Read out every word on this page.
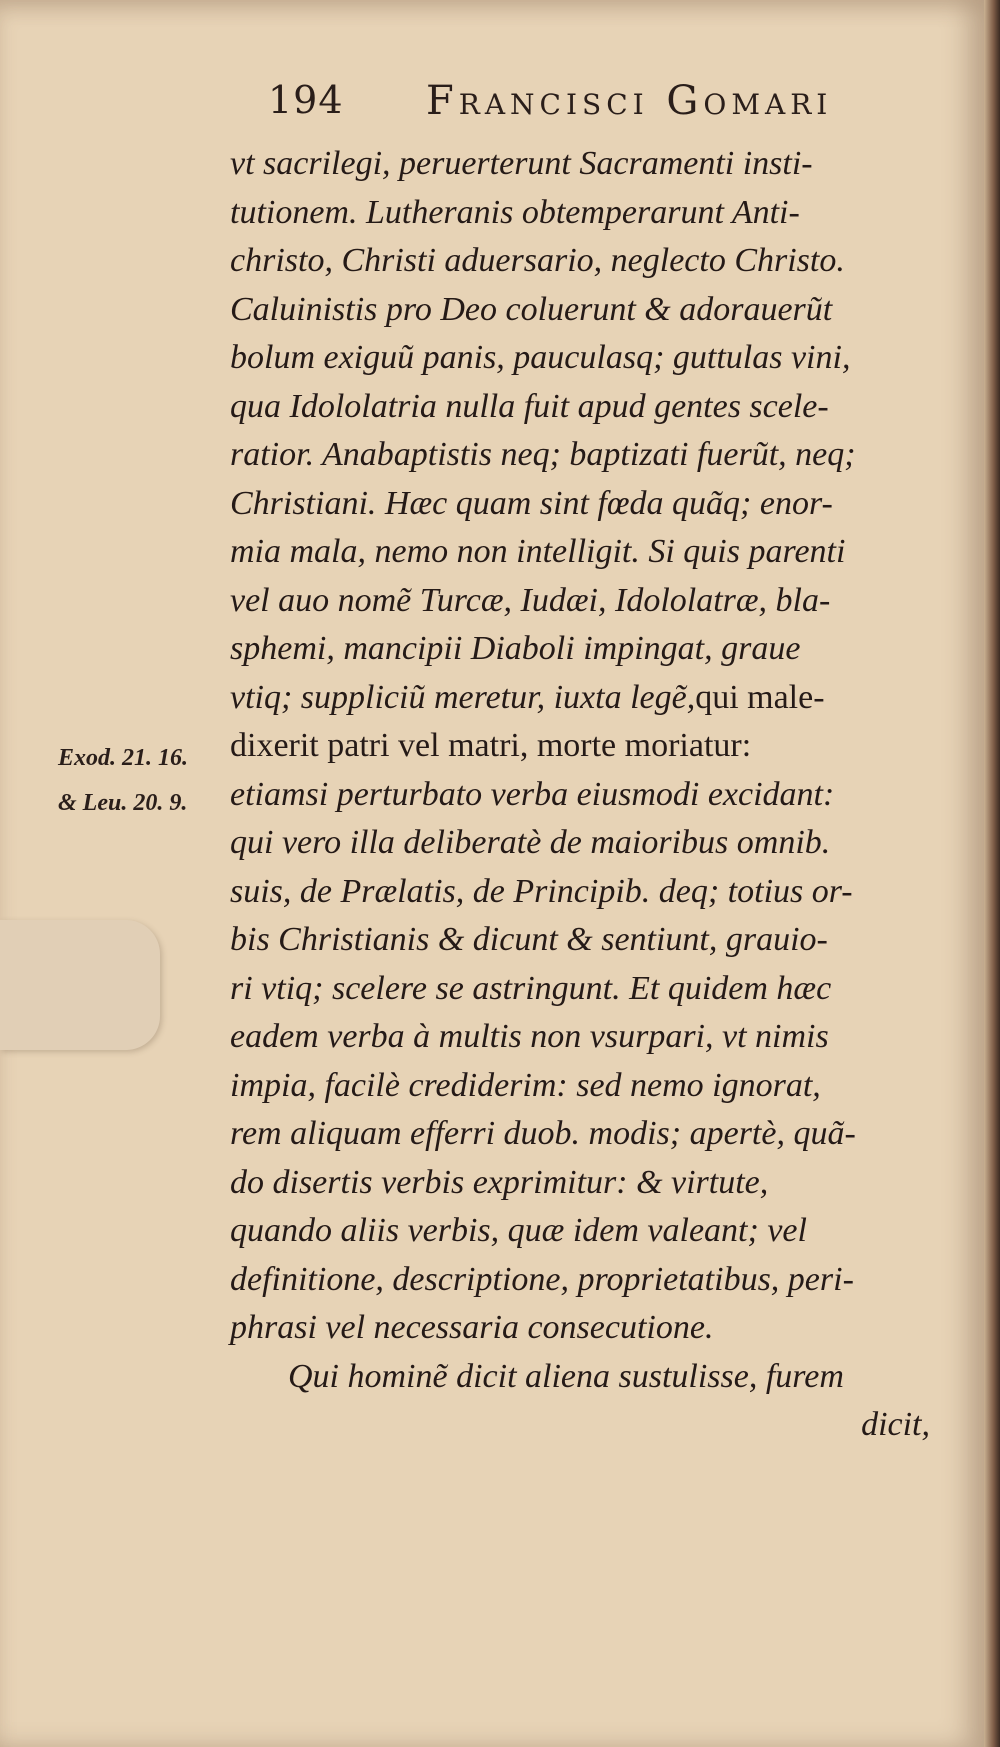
194 Francisci Gomari
Exod. 21. 16.
& Leu. 20. 9.
vt sacrilegi, peruerterunt Sacramenti insti-
tutionem. Lutheranis obtemperarunt Anti-
christo, Christi aduersario, neglecto Christo.
Caluinistis pro Deo coluerunt & adorauerũt
bolum exiguũ panis, pauculasq; guttulas vini,
qua Idololatria nulla fuit apud gentes scele-
ratior. Anabaptistis neq; baptizati fuerũt, neq;
Christiani. Hæc quam sint fœda quãq; enor-
mia mala, nemo non intelligit. Si quis parenti
vel auo nomẽ Turcæ, Iudæi, Idololatræ, bla-
sphemi, mancipii Diaboli impingat, graue
vtiq; suppliciũ meretur, iuxta legẽ,qui male-
dixerit patri vel matri, morte moriatur:
etiamsi perturbato verba eiusmodi excidant:
qui vero illa deliberatè de maioribus omnib.
suis, de Prælatis, de Principib. deq; totius or-
bis Christianis & dicunt & sentiunt, grauio-
ri vtiq; scelere se astringunt. Et quidem hæc
eadem verba à multis non vsurpari, vt nimis
impia, facilè crediderim: sed nemo ignorat,
rem aliquam efferri duob. modis; apertè, quã-
do disertis verbis exprimitur: & virtute,
quando aliis verbis, quæ idem valeant; vel
definitione, descriptione, proprietatibus, peri-
phrasi vel necessaria consecutione.
Qui hominẽ dicit aliena sustulisse, furem
dicit,
